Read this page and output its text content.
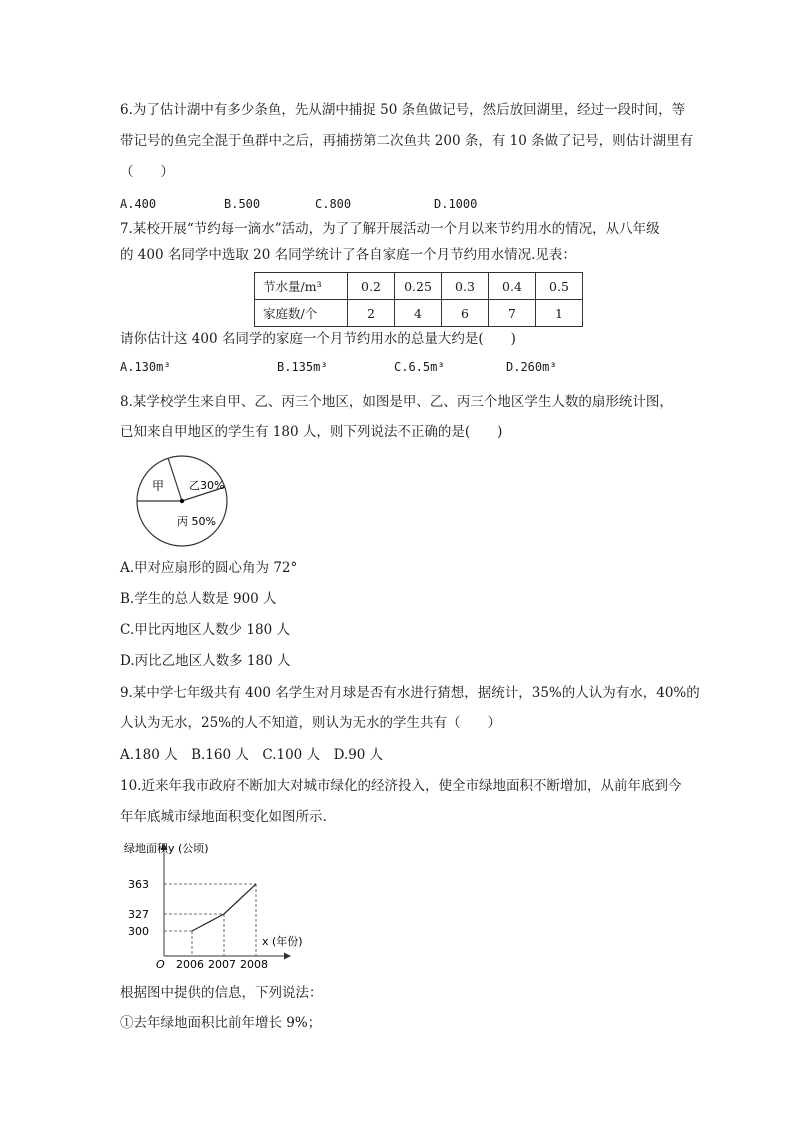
6.为了估计湖中有多少条鱼，先从湖中捕捉 50 条鱼做记号，然后放回湖里，经过一段时间，等
带记号的鱼完全混于鱼群中之后，再捕捞第二次鱼共 200 条，有 10 条做了记号，则估计湖里有
（　　）
A.400	B.500	C.800	D.1000
7.某校开展“节约每一滴水”活动，为了了解开展活动一个月以来节约用水的情况，从八年级
的 400 名同学中选取 20 名同学统计了各自家庭一个月节约用水情况.见表：
节水量/m³	0.2	0.25	0.3	0.4	0.5
家庭数/个	2	4	6	7	1
请你估计这 400 名同学的家庭一个月节约用水的总量大约是(　　)
A.130m³	B.135m³	C.6.5m³	D.260m³
8.某学校学生来自甲、乙、丙三个地区，如图是甲、乙、丙三个地区学生人数的扇形统计图，
已知来自甲地区的学生有 180 人，则下列说法不正确的是(　　)
甲 乙30%
丙 50%
A.甲对应扇形的圆心角为 72°
B.学生的总人数是 900 人
C.甲比丙地区人数少 180 人
D.丙比乙地区人数多 180 人
9.某中学七年级共有 400 名学生对月球是否有水进行猜想，据统计，35%的人认为有水，40%的
人认为无水，25%的人不知道，则认为无水的学生共有（　　）
A.180 人　B.160 人　C.100 人　D.90 人
10.近来年我市政府不断加大对城市绿化的经济投入，使全市绿地面积不断增加，从前年底到今
年年底城市绿地面积变化如图所示.
绿地面积y (公顷)
x (年份)
O
300
327
363
2006 2007 2008
根据图中提供的信息，下列说法：
①去年绿地面积比前年增长 9%；
